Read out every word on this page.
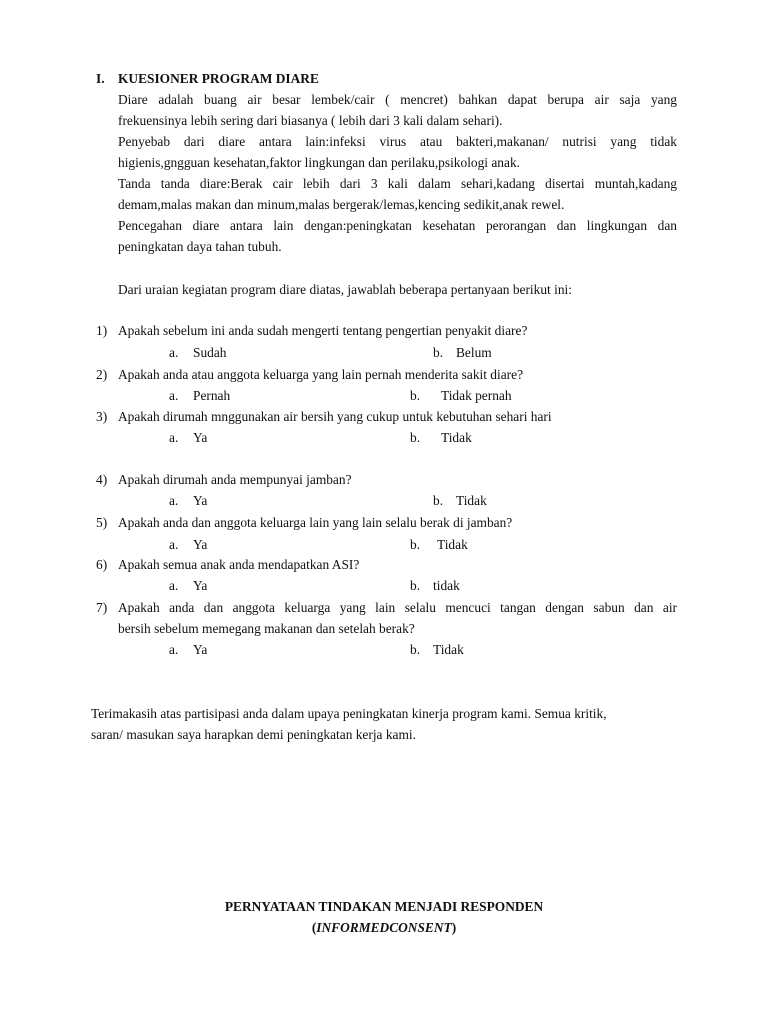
I. KUESIONER PROGRAM DIARE
Diare adalah buang air besar lembek/cair ( mencret) bahkan dapat berupa air saja yang
frekuensinya lebih sering dari biasanya ( lebih dari 3 kali dalam sehari).
Penyebab dari diare antara lain:infeksi virus atau bakteri,makanan/ nutrisi yang tidak
higienis,gngguan kesehatan,faktor lingkungan dan perilaku,psikologi anak.
Tanda tanda diare:Berak cair lebih dari 3 kali dalam sehari,kadang disertai muntah,kadang
demam,malas makan dan minum,malas bergerak/lemas,kencing sedikit,anak rewel.
Pencegahan diare antara lain dengan:peningkatan kesehatan perorangan dan lingkungan dan
peningkatan daya tahan tubuh.
Dari uraian kegiatan program diare diatas, jawablah beberapa pertanyaan berikut ini:
1) Apakah sebelum ini anda sudah mengerti tentang pengertian penyakit diare?
a. Sudah	b. Belum
2) Apakah anda atau anggota keluarga yang lain pernah menderita sakit diare?
a. Pernah	b. Tidak pernah
3) Apakah dirumah mnggunakan air bersih yang cukup untuk kebutuhan sehari hari
a. Ya	b. Tidak
4) Apakah dirumah anda mempunyai jamban?
a. Ya	b. Tidak
5) Apakah anda dan anggota keluarga lain yang lain selalu berak di jamban?
a. Ya	b. Tidak
6) Apakah semua anak anda mendapatkan ASI?
a. Ya	b. tidak
7) Apakah anda dan anggota keluarga yang lain selalu mencuci tangan dengan sabun dan air
bersih sebelum memegang makanan dan setelah berak?
a. Ya	b. Tidak
Terimakasih atas partisipasi anda dalam upaya peningkatan kinerja program kami. Semua kritik,
saran/ masukan saya harapkan demi peningkatan kerja kami.
PERNYATAAN TINDAKAN MENJADI RESPONDEN
(INFORMEDCONSENT)
